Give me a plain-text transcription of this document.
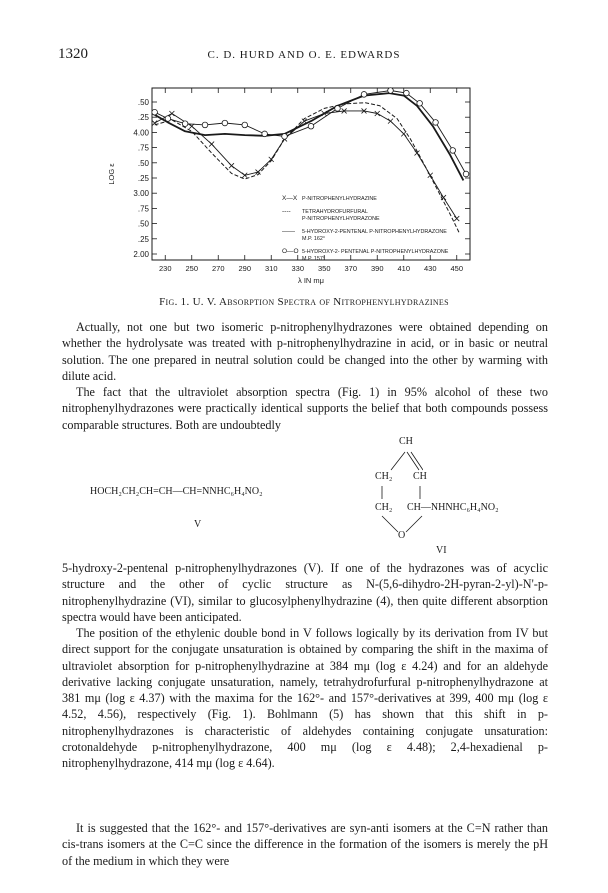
1320	C. D. HURD AND O. E. EDWARDS
230 250 270 290 310 330 350 370 390 410 430 450
.50
.25
4.00
.75
.50
.25
3.00
.75
.50
.25
2.00
λ IN mμ
LOG ε
X—X P-NITROPHENYLHYDRAZINE
---- TETRAHYDROFURFURAL
P-NITROPHENYLHYDRAZONE
—— 5-HYDROXY-2-PENTENAL P-NITROPHENYLHYDRAZONE
M.P. 162°
O—O 5-HYDROXY-2- PENTENAL P-NITROPHENYLHYDRAZONE
M.P. 157°
Fig. 1. U. V. Absorption Spectra of Nitrophenylhydrazines

Actually, not one but two isomeric p-nitrophenylhydrazones were obtained depending on whether the hydrolysate was treated with p-nitrophenylhydrazine in acid, or in basic or neutral solution. The one prepared in neutral solution could be changed into the other by warming with dilute acid.

The fact that the ultraviolet absorption spectra (Fig. 1) in 95% alcohol of these two nitrophenylhydrazones were practically identical supports the belief that both compounds possess comparable structures. Both are undoubtedly

CH
CH₂ CH
HOCH₂CH₂CH=CH—CH=NNHC₆H₄NO₂
CH₂ CH—NHNHC₆H₄NO₂
V
O
VI

5-hydroxy-2-pentenal p-nitrophenylhydrazones (V). If one of the hydrazones was of acyclic structure and the other of cyclic structure as N-(5,6-dihydro-2H-pyran-2-yl)-N'-p-nitrophenylhydrazine (VI), similar to glucosylphenylhydrazine (4), then quite different absorption spectra would have been anticipated.

The position of the ethylenic double bond in V follows logically by its derivation from IV but direct support for the conjugate unsaturation is obtained by comparing the shift in the maxima of ultraviolet absorption for p-nitrophenylhydrazine at 384 mμ (log ε 4.24) and for an aldehyde derivative lacking conjugate unsaturation, namely, tetrahydrofurfural p-nitrophenylhydrazone at 381 mμ (log ε 4.37) with the maxima for the 162°- and 157°-derivatives at 399, 400 mμ (log ε 4.52, 4.56), respectively (Fig. 1). Bohlmann (5) has shown that this shift in p-nitrophenylhydrazones is characteristic of aldehydes containing conjugate unsaturation: crotonaldehyde p-nitrophenylhydrazone, 400 mμ (log ε 4.48); 2,4-hexadienal p-nitrophenylhydrazone, 414 mμ (log ε 4.64).

It is suggested that the 162°- and 157°-derivatives are syn-anti isomers at the C=N rather than cis-trans isomers at the C=C since the difference in the formation of the isomers is merely the pH of the medium in which they were
